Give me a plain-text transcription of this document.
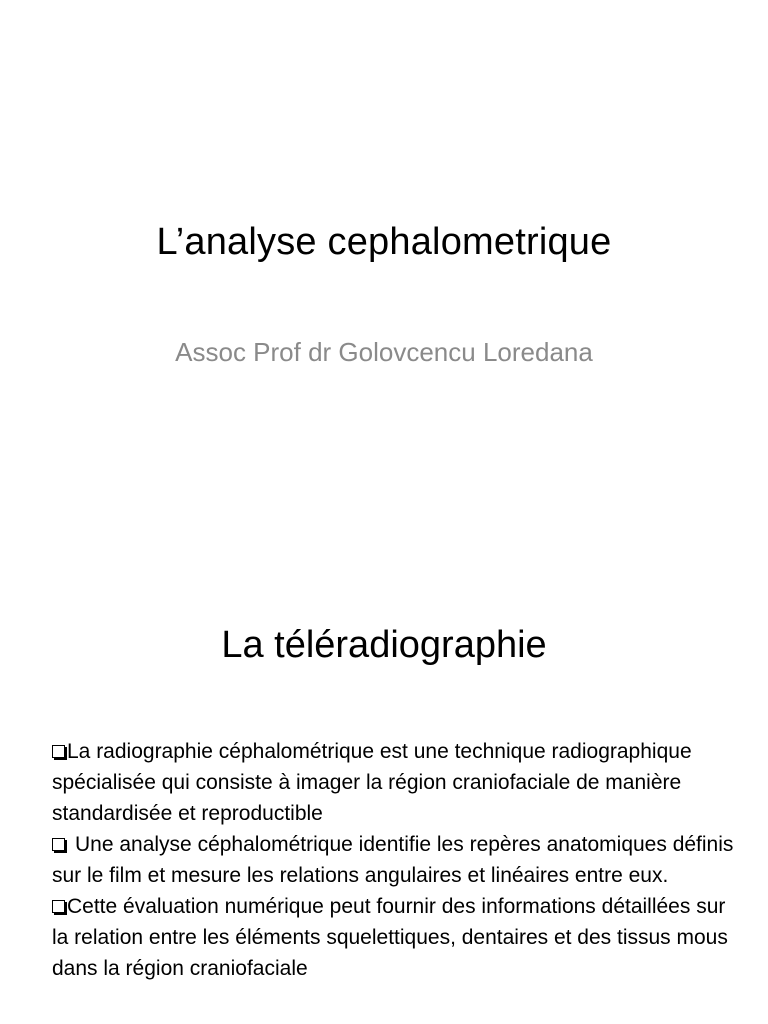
L’analyse cephalometrique
Assoc Prof dr Golovcencu Loredana
La téléradiographie

La radiographie céphalométrique est une technique radiographique spécialisée qui consiste à imager la région craniofaciale de manière standardisée et reproductible

Une analyse céphalométrique identifie les repères anatomiques définis sur le film et mesure les relations angulaires et linéaires entre eux.

Cette évaluation numérique peut fournir des informations détaillées sur la relation entre les éléments squelettiques, dentaires et des tissus mous dans la région craniofaciale
